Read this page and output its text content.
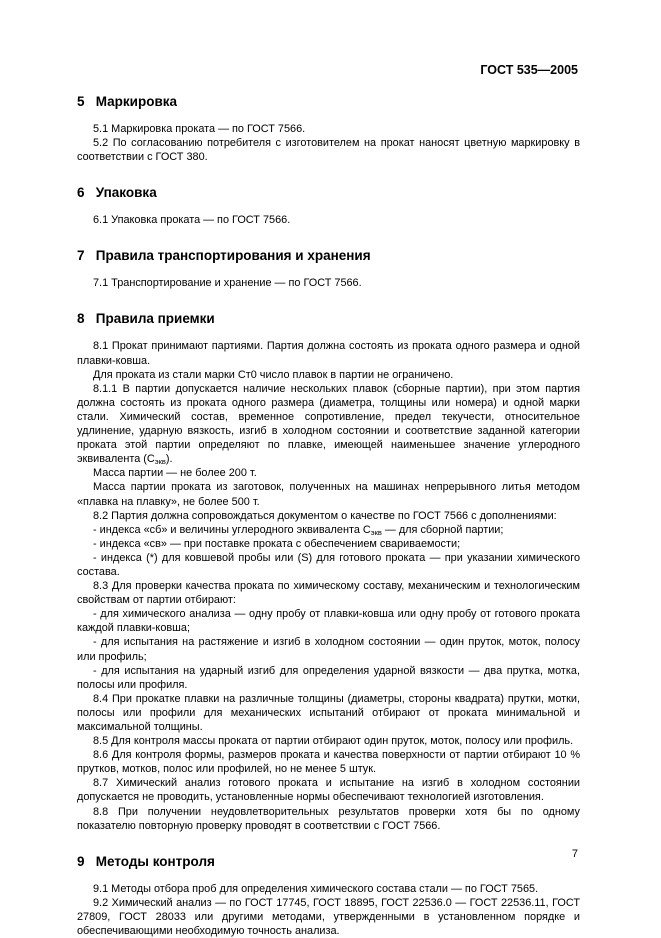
ГОСТ 535—2005
5 Маркировка

5.1 Маркировка проката — по ГОСТ 7566.

5.2 По согласованию потребителя с изготовителем на прокат наносят цветную маркировку в соответствии с ГОСТ 380.

6 Упаковка

6.1 Упаковка проката — по ГОСТ 7566.

7 Правила транспортирования и хранения

7.1 Транспортирование и хранение — по ГОСТ 7566.

8 Правила приемки

8.1 Прокат принимают партиями. Партия должна состоять из проката одного размера и одной плавки-ковша.

Для проката из стали марки Ст0 число плавок в партии не ограничено.

8.1.1 В партии допускается наличие нескольких плавок (сборные партии), при этом партия должна состоять из проката одного размера (диаметра, толщины или номера) и одной марки стали. Химический состав, временное сопротивление, предел текучести, относительное удлинение, ударную вязкость, изгиб в холодном состоянии и соответствие заданной категории проката этой партии определяют по плавке, имеющей наименьшее значение углеродного эквивалента $(С_{экв})$.

Масса партии — не более 200 т.

Масса партии проката из заготовок, полученных на машинах непрерывного литья методом «плавка на плавку», не более 500 т.

8.2 Партия должна сопровождаться документом о качестве по ГОСТ 7566 с дополнениями:

- индекса «сб» и величины углеродного эквивалента $С_{экв}$ — для сборной партии;

- индекса «св» — при поставке проката с обеспечением свариваемости;

- индекса (*) для ковшевой пробы или (S) для готового проката — при указании химического состава.

8.3 Для проверки качества проката по химическому составу, механическим и технологическим свойствам от партии отбирают:

- для химического анализа — одну пробу от плавки-ковша или одну пробу от готового проката каждой плавки-ковша;

- для испытания на растяжение и изгиб в холодном состоянии — один пруток, моток, полосу или профиль;

- для испытания на ударный изгиб для определения ударной вязкости — два прутка, мотка, полосы или профиля.

8.4 При прокатке плавки на различные толщины (диаметры, стороны квадрата) прутки, мотки, полосы или профили для механических испытаний отбирают от проката минимальной и максимальной толщины.

8.5 Для контроля массы проката от партии отбирают один пруток, моток, полосу или профиль.

8.6 Для контроля формы, размеров проката и качества поверхности от партии отбирают 10 % прутков, мотков, полос или профилей, но не менее 5 штук.

8.7 Химический анализ готового проката и испытание на изгиб в холодном состоянии допускается не проводить, установленные нормы обеспечивают технологией изготовления.

8.8 При получении неудовлетворительных результатов проверки хотя бы по одному показателю повторную проверку проводят в соответствии с ГОСТ 7566.

9 Методы контроля

9.1 Методы отбора проб для определения химического состава стали — по ГОСТ 7565.

9.2 Химический анализ — по ГОСТ 17745, ГОСТ 18895, ГОСТ 22536.0 — ГОСТ 22536.11, ГОСТ 27809, ГОСТ 28033 или другими методами, утвержденными в установленном порядке и обеспечивающими необходимую точность анализа.

7
